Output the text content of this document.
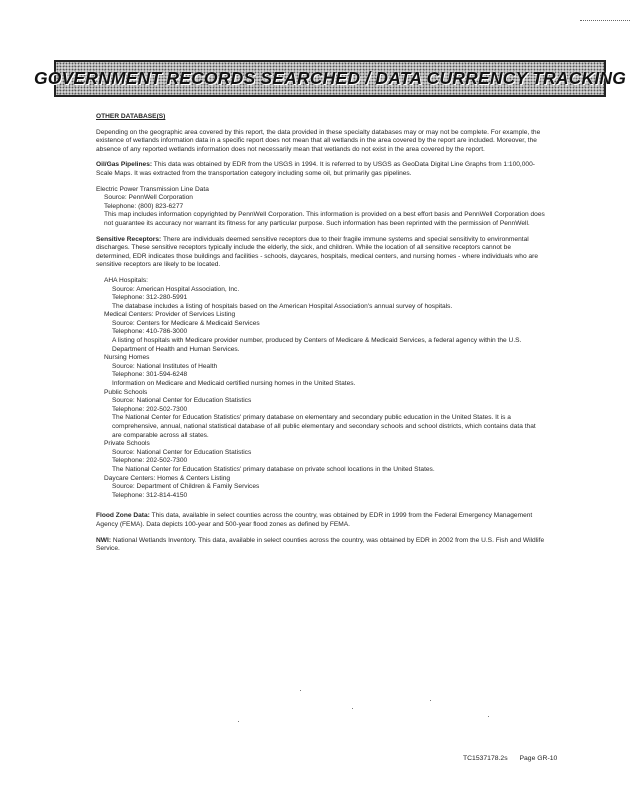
GOVERNMENT RECORDS SEARCHED / DATA CURRENCY TRACKING
OTHER DATABASE(S)

Depending on the geographic area covered by this report, the data provided in these specialty databases may or may not be complete. For example, the existence of wetlands information data in a specific report does not mean that all wetlands in the area covered by the report are included. Moreover, the absence of any reported wetlands information does not necessarily mean that wetlands do not exist in the area covered by the report.

Oil/Gas Pipelines: This data was obtained by EDR from the USGS in 1994. It is referred to by USGS as GeoData Digital Line Graphs from 1:100,000-Scale Maps. It was extracted from the transportation category including some oil, but primarily gas pipelines.

Electric Power Transmission Line Data
Source: PennWell Corporation
Telephone: (800) 823-6277
This map includes information copyrighted by PennWell Corporation. This information is provided on a best effort basis and PennWell Corporation does not guarantee its accuracy nor warrant its fitness for any particular purpose. Such information has been reprinted with the permission of PennWell.

Sensitive Receptors: There are individuals deemed sensitive receptors due to their fragile immune systems and special sensitivity to environmental discharges. These sensitive receptors typically include the elderly, the sick, and children. While the location of all sensitive receptors cannot be determined, EDR indicates those buildings and facilities - schools, daycares, hospitals, medical centers, and nursing homes - where individuals who are sensitive receptors are likely to be located.

AHA Hospitals:
Source: American Hospital Association, Inc.
Telephone: 312-280-5991
The database includes a listing of hospitals based on the American Hospital Association's annual survey of hospitals.
Medical Centers: Provider of Services Listing
Source: Centers for Medicare & Medicaid Services
Telephone: 410-786-3000
A listing of hospitals with Medicare provider number, produced by Centers of Medicare & Medicaid Services, a federal agency within the U.S. Department of Health and Human Services.
Nursing Homes
Source: National Institutes of Health
Telephone: 301-594-6248
Information on Medicare and Medicaid certified nursing homes in the United States.
Public Schools
Source: National Center for Education Statistics
Telephone: 202-502-7300
The National Center for Education Statistics' primary database on elementary and secondary public education in the United States. It is a comprehensive, annual, national statistical database of all public elementary and secondary schools and school districts, which contains data that are comparable across all states.
Private Schools
Source: National Center for Education Statistics
Telephone: 202-502-7300
The National Center for Education Statistics' primary database on private school locations in the United States.
Daycare Centers: Homes & Centers Listing
Source: Department of Children & Family Services
Telephone: 312-814-4150

Flood Zone Data: This data, available in select counties across the country, was obtained by EDR in 1999 from the Federal Emergency Management Agency (FEMA). Data depicts 100-year and 500-year flood zones as defined by FEMA.

NWI: National Wetlands Inventory. This data, available in select counties across the country, was obtained by EDR in 2002 from the U.S. Fish and Wildlife Service.

TC1537178.2s Page GR-10
